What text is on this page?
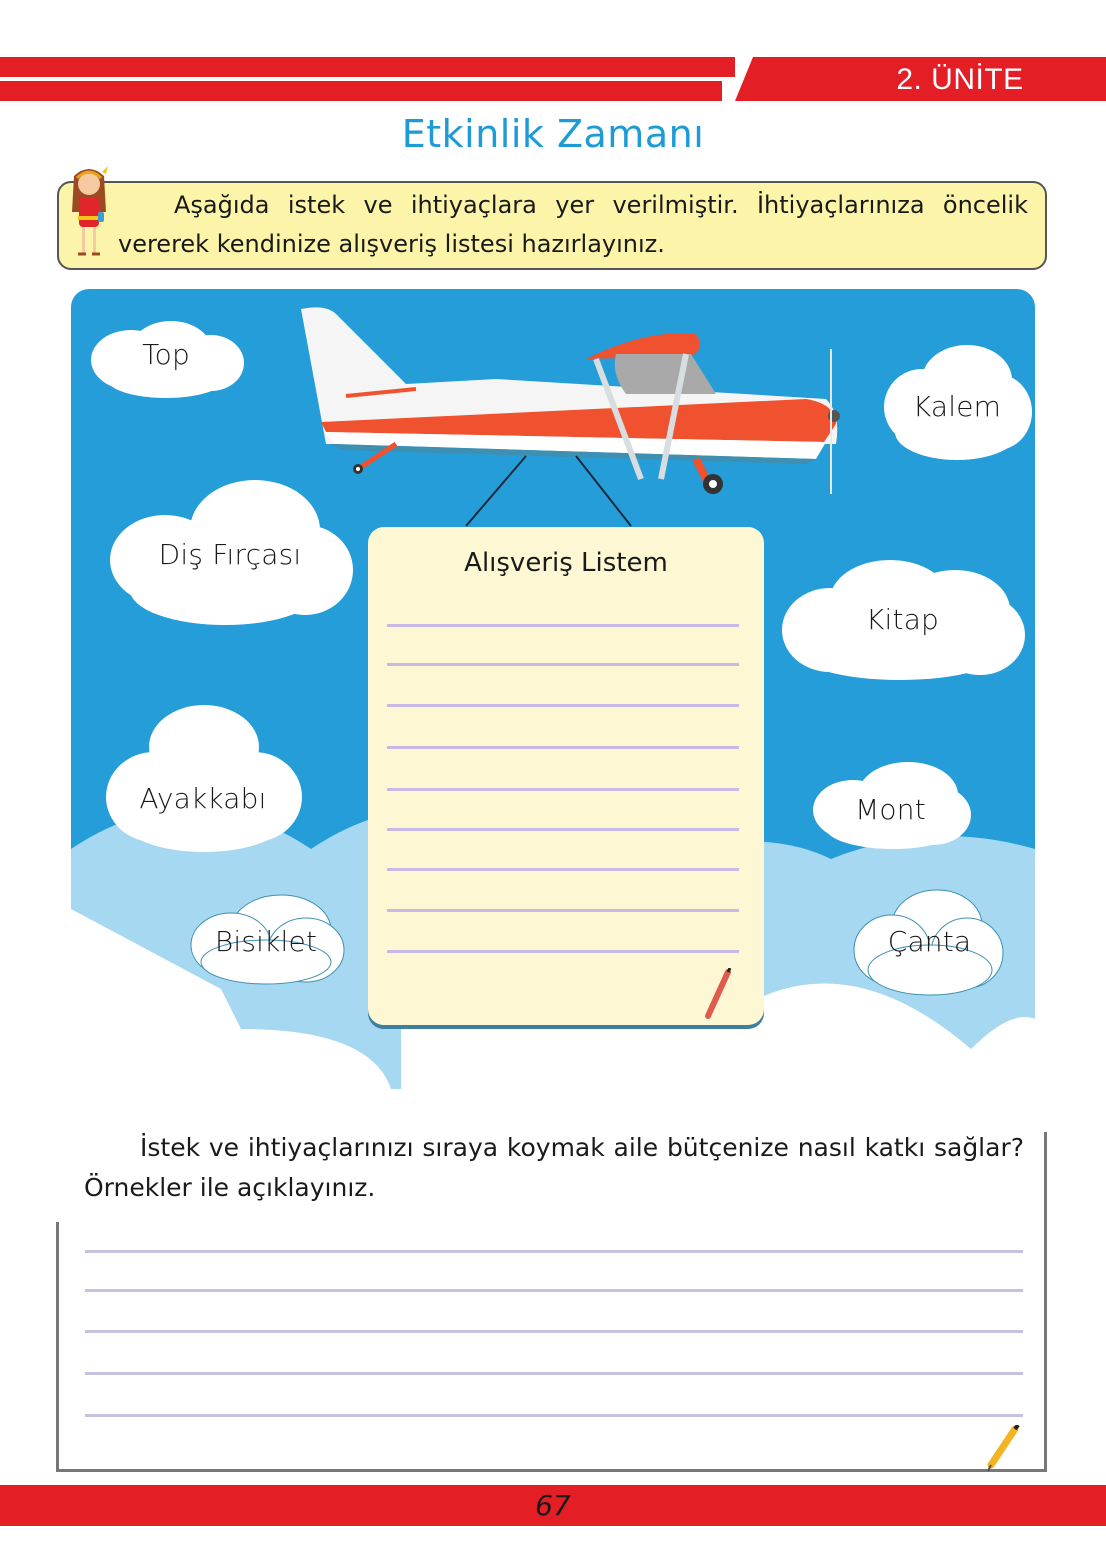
2. ÜNİTE
Etkinlik Zamanı
Aşağıda istek ve ihtiyaçlara yer verilmiştir. İhtiyaçlarınıza öncelik vererek kendinize alışveriş listesi hazırlayınız.
Top
Diş Fırçası
Ayakkabı
Bisiklet
Kalem
Kitap
Mont
Çanta
Alışveriş Listem
İstek ve ihtiyaçlarınızı sıraya koymak aile bütçenize nasıl katkı sağlar? Örnekler ile açıklayınız.
67
